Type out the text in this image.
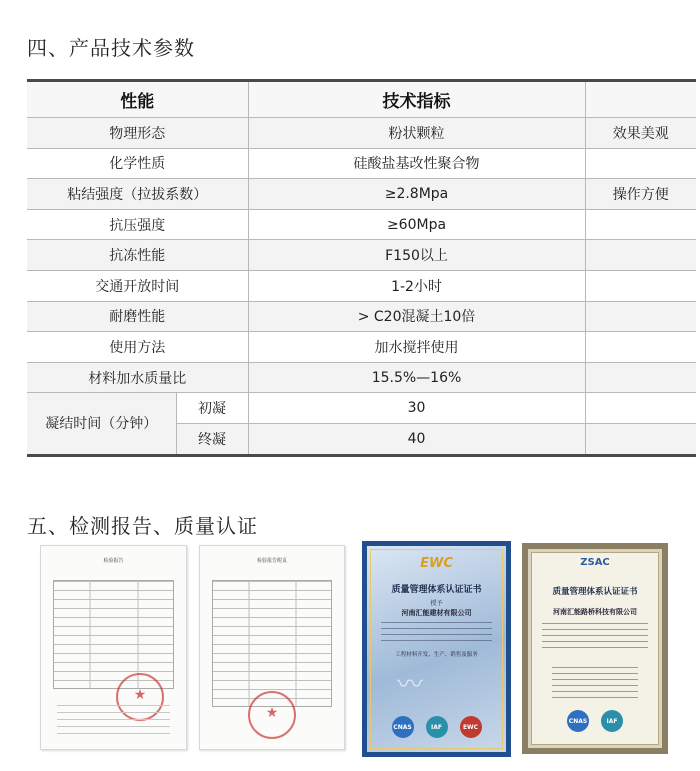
四、产品技术参数
性能		技术指标	
物理形态		粉状颗粒	效果美观
化学性质		硅酸盐基改性聚合物	
粘结强度（拉拔系数）		≥2.8Mpa	操作方便
抗压强度		≥60Mpa	
抗冻性能		F150以上	
交通开放时间		1-2小时	
耐磨性能		> C20混凝土10倍	
使用方法		加水搅拌使用	
材料加水质量比		15.5%—16%	
凝结时间（分钟）	初凝	30	
	终凝	40	
五、检测报告、质量认证
检验报告
★	检验报告附页
★	EWC
质量管理体系认证证书
授予
河南汇能建材有限公司
工程材料开发、生产、销售及服务
〰
CNAS	IAF	EWC
ZSAC
质量管理体系认证证书
河南汇能路桥科技有限公司
CNAS	IAF
